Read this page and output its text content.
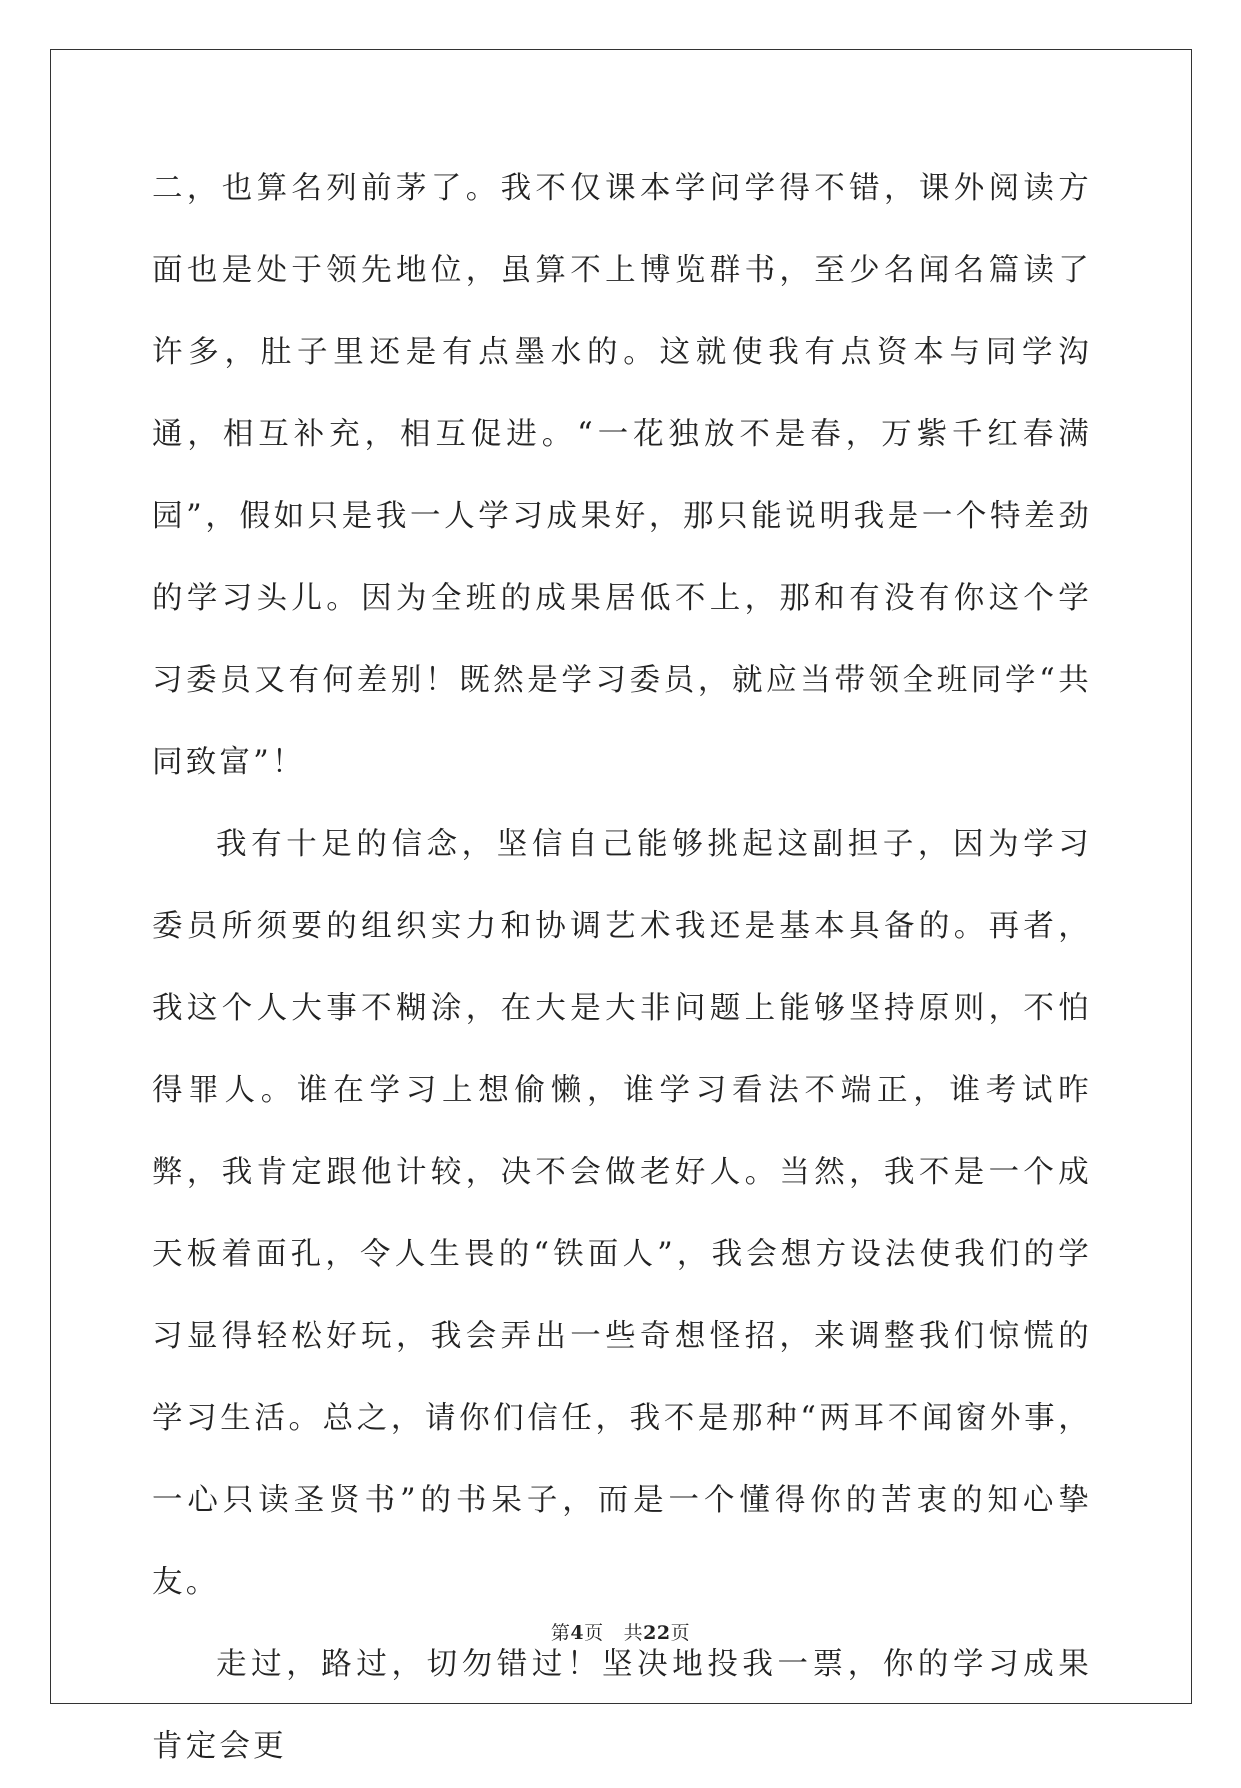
二，也算名列前茅了。我不仅课本学问学得不错，课外阅读方面也是处于领先地位，虽算不上博览群书，至少名闻名篇读了许多，肚子里还是有点墨水的。这就使我有点资本与同学沟通，相互补充，相互促进。“一花独放不是春，万紫千红春满园”，假如只是我一人学习成果好，那只能说明我是一个特差劲的学习头儿。因为全班的成果居低不上，那和有没有你这个学习委员又有何差别！既然是学习委员，就应当带领全班同学“共同致富”！

我有十足的信念，坚信自己能够挑起这副担子，因为学习委员所须要的组织实力和协调艺术我还是基本具备的。再者，我这个人大事不糊涂，在大是大非问题上能够坚持原则，不怕得罪人。谁在学习上想偷懒，谁学习看法不端正，谁考试昨弊，我肯定跟他计较，决不会做老好人。当然，我不是一个成天板着面孔，令人生畏的“铁面人”，我会想方设法使我们的学习显得轻松好玩，我会弄出一些奇想怪招，来调整我们惊慌的学习生活。总之，请你们信任，我不是那种“两耳不闻窗外事，一心只读圣贤书”的书呆子，而是一个懂得你的苦衷的知心挚友。

走过，路过，切勿错过！坚决地投我一票，你的学习成果肯定会更

第4页 共22页
